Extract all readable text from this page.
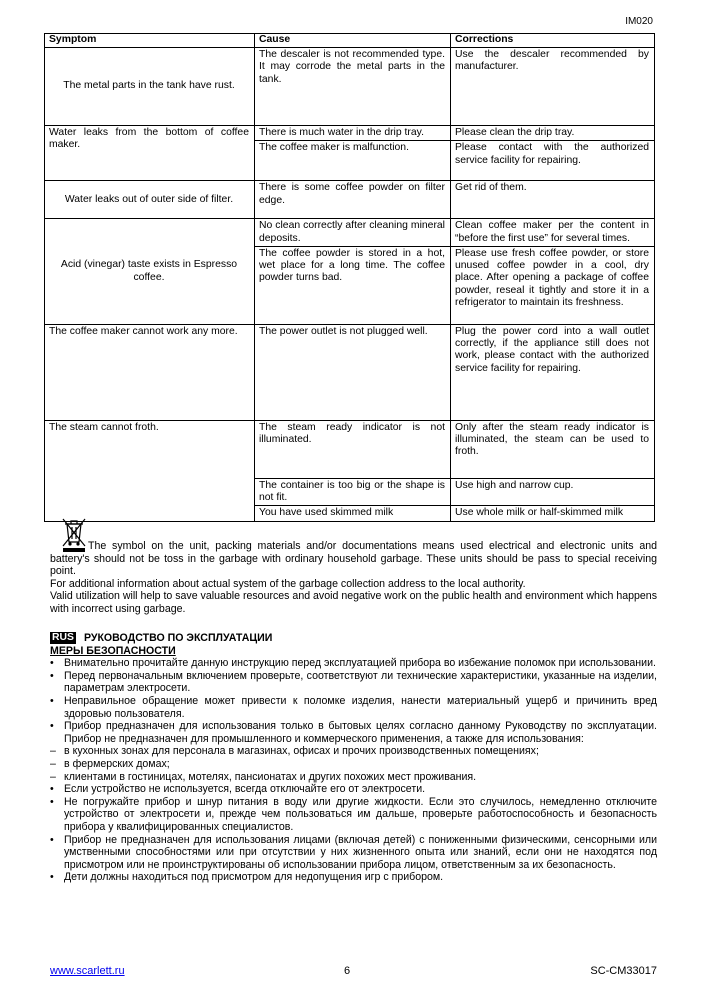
IM020
Symptom	Cause	Corrections
The metal parts in the tank have rust.	The descaler is not recommended type. It may corrode the metal parts in the tank.	Use the descaler recommended by manufacturer.
Water leaks from the bottom of coffee maker.	There is much water in the drip tray.	Please clean the drip tray.
	The coffee maker is malfunction.	Please contact with the authorized service facility for repairing.
Water leaks out of outer side of filter.	There is some coffee powder on filter edge.	Get rid of them.
Acid (vinegar) taste exists in Espresso coffee.	No clean correctly after cleaning mineral deposits.	Clean coffee maker per the content in “before the first use” for several times.
	The coffee powder is stored in a hot, wet place for a long time. The coffee powder turns bad.	Please use fresh coffee powder, or store unused coffee powder in a cool, dry place. After opening a package of coffee powder, reseal it tightly and store it in a refrigerator to maintain its freshness.
The coffee maker cannot work any more.	The power outlet is not plugged well.	Plug the power cord into a wall outlet correctly, if the appliance still does not work, please contact with the authorized service facility for repairing.
The steam cannot froth.	The steam ready indicator is not illuminated.	Only after the steam ready indicator is illuminated, the steam can be used to froth.
	The container is too big or the shape is not fit.	Use high and narrow cup.
	You have used skimmed milk	Use whole milk or half-skimmed milk

The symbol on the unit, packing materials and/or documentations means used electrical and electronic units and battery's should not be toss in the garbage with ordinary household garbage. These units should be pass to special receiving point.

For additional information about actual system of the garbage collection address to the local authority.

Valid utilization will help to save valuable resources and avoid negative work on the public health and environment which happens with incorrect using garbage.

RUS РУКОВОДСТВО ПО ЭКСПЛУАТАЦИИ
МЕРЫ БЕЗОПАСНОСТИ
• Внимательно прочитайте данную инструкцию перед эксплуатацией прибора во избежание поломок при использовании.
• Перед первоначальным включением проверьте, соответствуют ли технические характеристики, указанные на изделии, параметрам электросети.
• Неправильное обращение может привести к поломке изделия, нанести материальный ущерб и причинить вред здоровью пользователя.
• Прибор предназначен для использования только в бытовых целях согласно данному Руководству по эксплуатации. Прибор не предназначен для промышленного и коммерческого применения, а также для использования:
– в кухонных зонах для персонала в магазинах, офисах и прочих производственных помещениях;
– в фермерских домах;
– клиентами в гостиницах, мотелях, пансионатах и других похожих мест проживания.
• Если устройство не используется, всегда отключайте его от электросети.
• Не погружайте прибор и шнур питания в воду или другие жидкости. Если это случилось, немедленно отключите устройство от электросети и, прежде чем пользоваться им дальше, проверьте работоспособность и безопасность прибора у квалифицированных специалистов.
• Прибор не предназначен для использования лицами (включая детей) с пониженными физическими, сенсорными или умственными способностями или при отсутствии у них жизненного опыта или знаний, если они не находятся под присмотром или не проинструктированы об использовании прибора лицом, ответственным за их безопасность.
• Дети должны находиться под присмотром для недопущения игр с прибором.
www.scarlett.ru	6	SC-CM33017
